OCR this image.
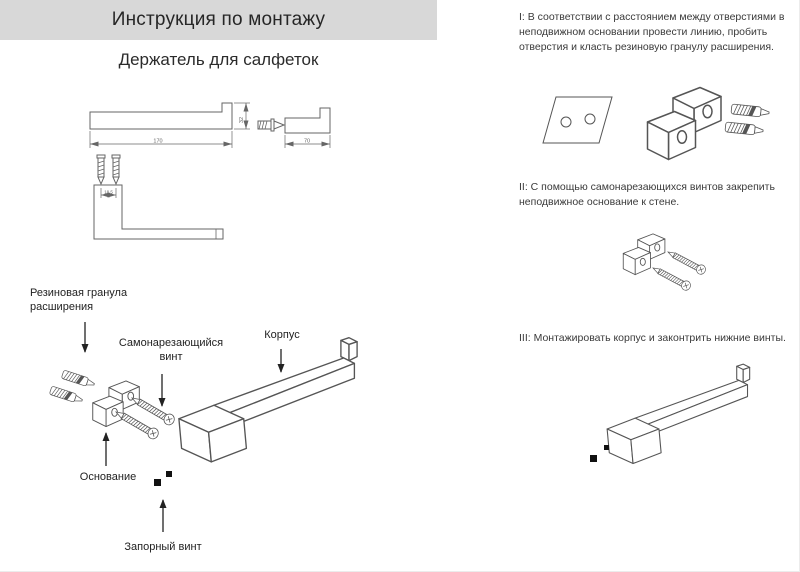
170
32
70
18.5
Инструкция по монтажу
Держатель для салфеток
I: В соответствии с расстоянием между отверстиями в неподвижном основании провести линию, пробить отверстия и класть резиновую гранулу расширения.
II: С помощью самонарезающихся винтов закрепить неподвижное основание к стене.
III: Монтажировать корпус и законтрить нижние винты.
Резиновая гранула расширения
Самонарезающийся винт
Корпус
Основание
Запорный винт
